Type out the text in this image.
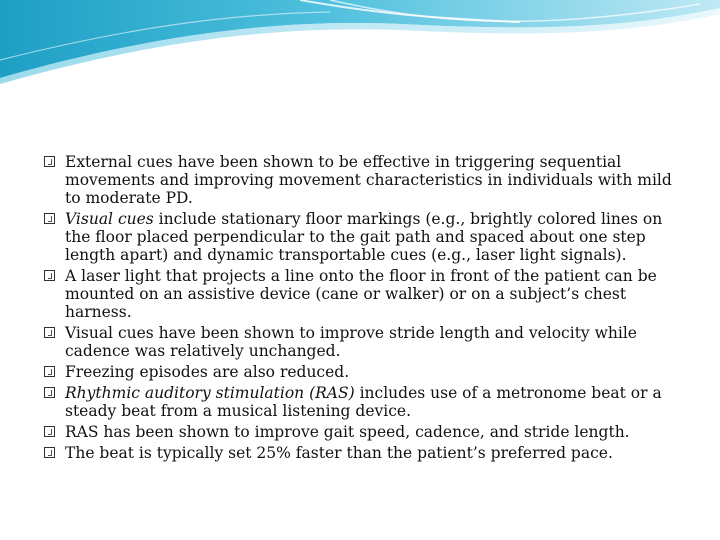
External cues have been shown to be effective in triggering sequential movements and improving movement characteristics in individuals with mild to moderate PD.
Visual cues include stationary floor markings (e.g., brightly colored lines on the floor placed perpendicular to the gait path and spaced about one step length apart) and dynamic transportable cues (e.g., laser light signals).
A laser light that projects a line onto the floor in front of the patient can be mounted on an assistive device (cane or walker) or on a subject’s chest harness.
Visual cues have been shown to improve stride length and velocity while cadence was relatively unchanged.
Freezing episodes are also reduced.
Rhythmic auditory stimulation (RAS) includes use of a metronome beat or a steady beat from a musical listening device.
RAS has been shown to improve gait speed, cadence, and stride length.
The beat is typically set 25% faster than the patient’s preferred pace.
